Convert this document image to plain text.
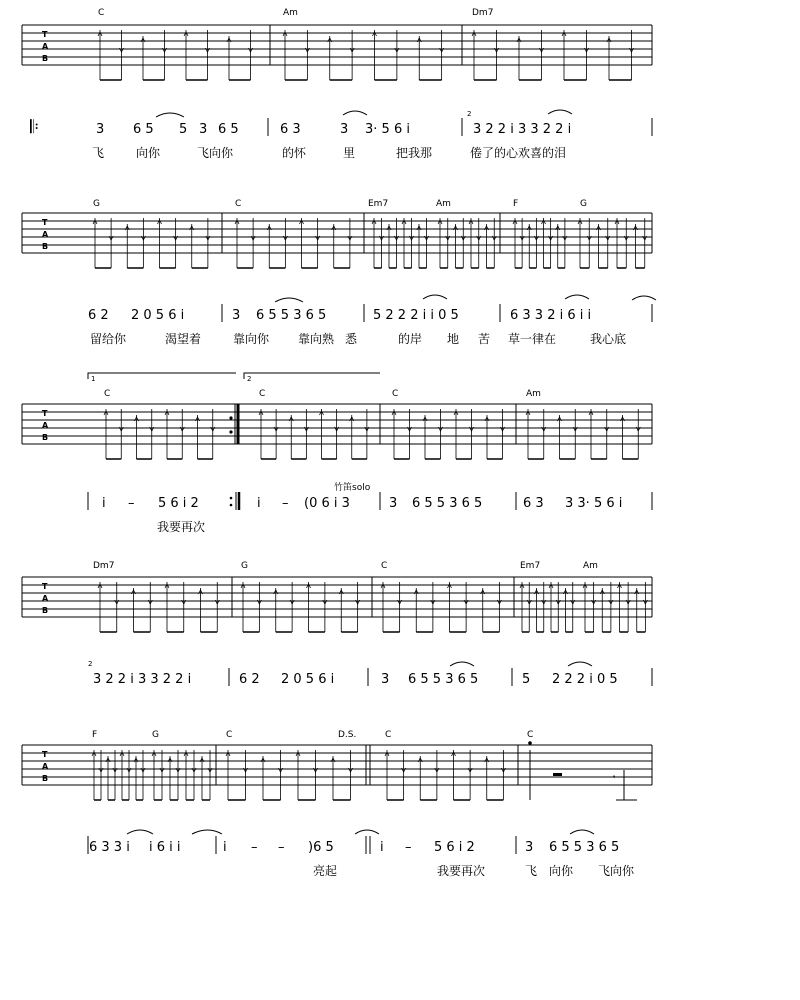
T
A
B
C	Am	Dm7
𝄆	3 6 5 5 3 6 5	6 3	3 3· 5 6 i
2
3 2 2 i 3 3 2 2 i
飞	向你	飞向你	的怀	里	把我那	倦了的心欢喜的泪
T
A
B
G	C	Em7	Am	F	G
6 2 2 0 5 6 i	3 6 5 5 3 6 5	5 2 2 2 i i 0 5	6 3 3 2 i 6 i i
留给你	渴望着	靠向你 靠向熟 悉	的岸 地 苦 草一律在	我心底
1	2
T
A
B
C	C	C	Am
竹笛solo
i – 5 6 i 2	i – (0 6 i 3	3 6 5 5 3 6 5	6 3 3 3· 5 6 i
我要再次
T
A
B
Dm7	G	C	Em7	Am
2
3 2 2 i 3 3 2 2 i	6 2 2 0 5 6 i	3 6 5 5 3 6 5	5 2 2 2 i 0 5
T
A
B
F	G	C	C	C
D.S.
𝄾
6 3 3 i i 6 i i	i – – )6 5	i – 5 6 i 2	3 6 5 5 3 6 5
亮起	我要再次	飞 向你 飞向你
